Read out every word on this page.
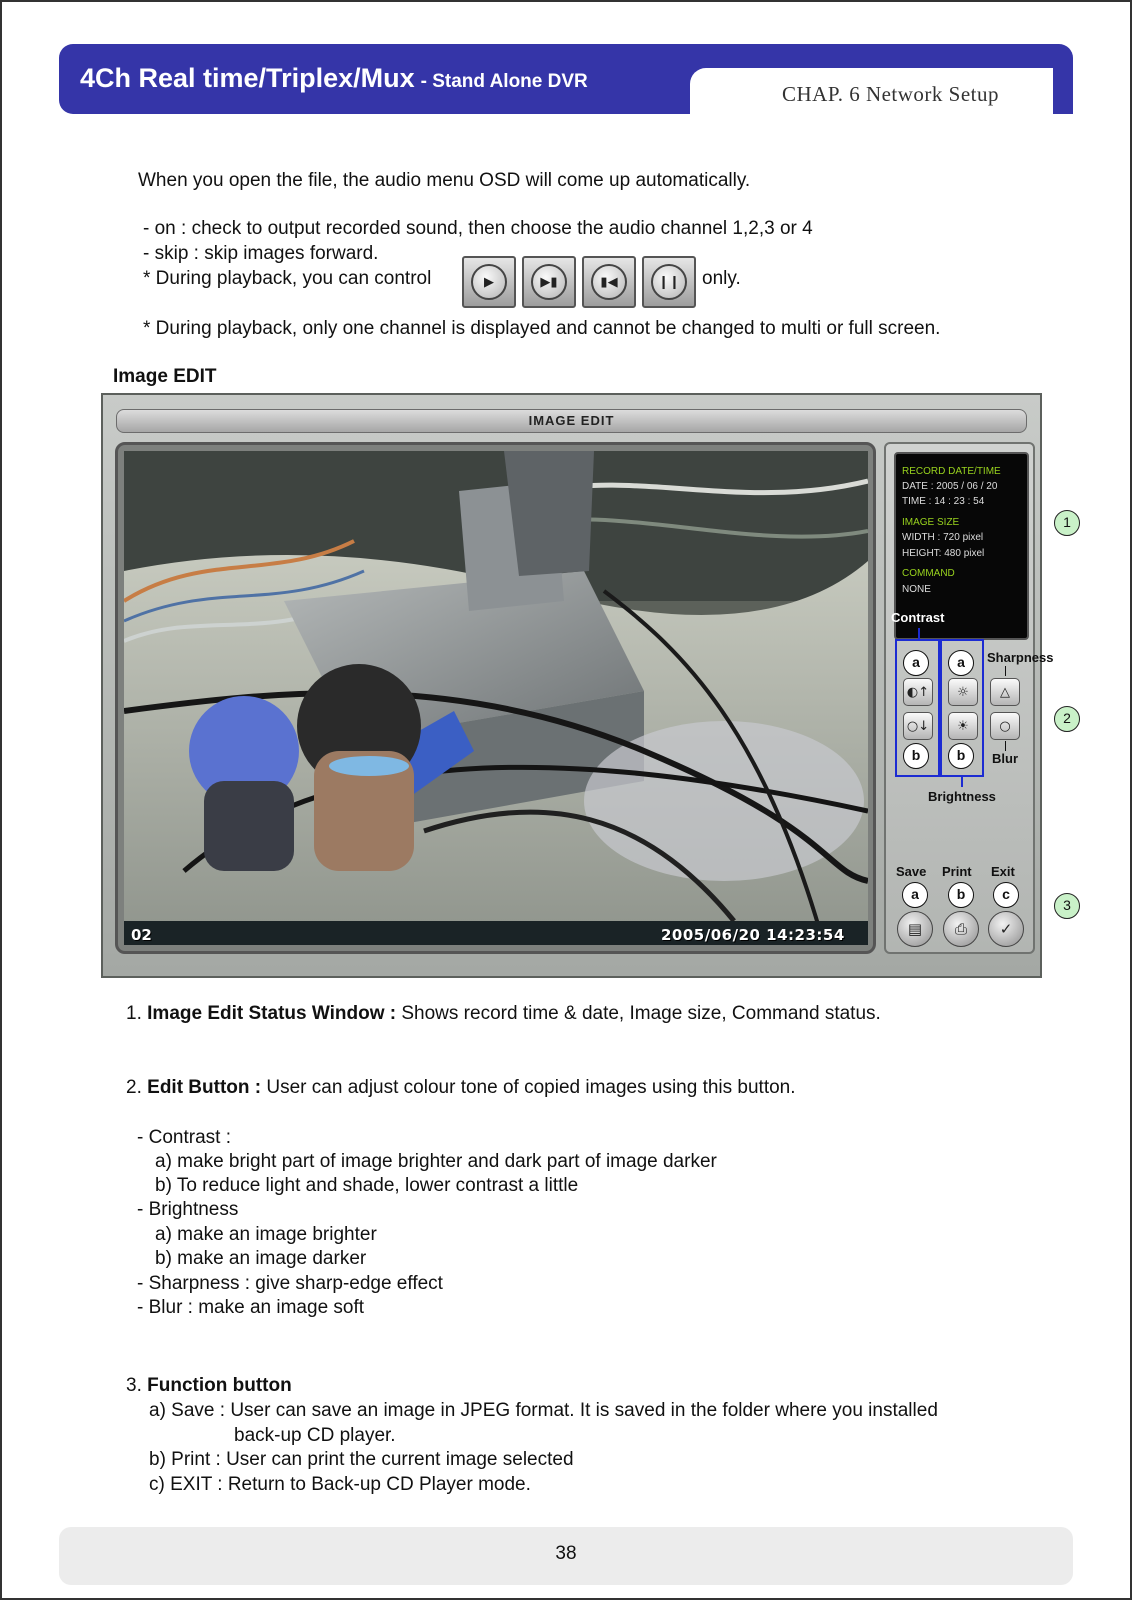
4Ch Real time/Triplex/Mux - Stand Alone DVR
CHAP. 6 Network Setup
When you open the file, the audio menu OSD will come up automatically.
- on : check to output recorded sound, then choose the audio channel 1,2,3 or 4
- skip : skip images forward.
* During playback, you can control	▶	▶▮	▮◀	❙❙	only.
* During playback, only one channel is displayed and cannot be changed to multi or full screen.
Image EDIT
IMAGE EDIT
02	2005/06/20 14:23:54
RECORD DATE/TIME
DATE : 2005 / 06 / 20
TIME : 14 : 23 : 54
IMAGE SIZE
WIDTH : 720 pixel
HEIGHT: 480 pixel
COMMAND
NONE
Contrast
a	a	Sharpness
◐↑ ☼ △
○↓ ☀ ○
b	b	Blur
Brightness
Save Print Exit
a	b	c
▤ ⎙ ✓
1
2
3
1. Image Edit Status Window : Shows record time & date, Image size, Command status.
2. Edit Button : User can adjust colour tone of copied images using this button.
- Contrast :
a) make bright part of image brighter and dark part of image darker
b) To reduce light and shade, lower contrast a little
- Brightness
a) make an image brighter
b) make an image darker
- Sharpness : give sharp-edge effect
- Blur : make an image soft
3. Function button
a) Save : User can save an image in JPEG format. It is saved in the folder where you installed
back-up CD player.
b) Print : User can print the current image selected
c) EXIT : Return to Back-up CD Player mode.
38
